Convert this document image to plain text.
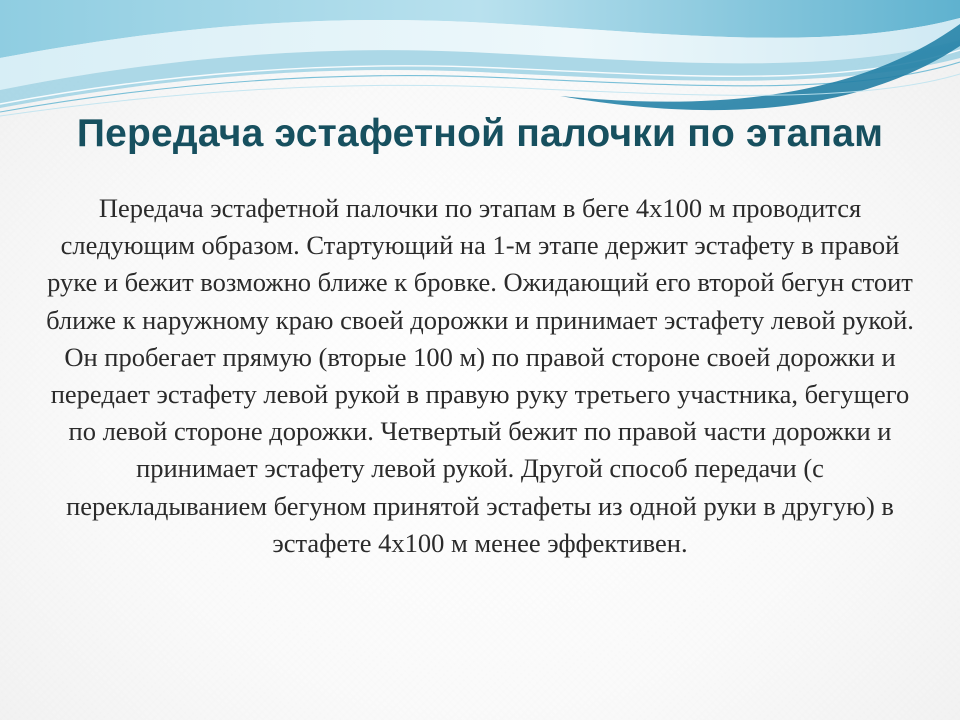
Передача эстафетной палочки по этапам

Передача эстафетной палочки по этапам в беге 4х100 м проводится следующим образом. Стартующий на 1-м этапе держит эстафету в правой руке и бежит возможно ближе к бровке. Ожидающий его второй бегун стоит ближе к наружному краю своей дорожки и принимает эстафету левой рукой. Он пробегает прямую (вторые 100 м) по правой стороне своей дорожки и передает эстафету левой рукой в правую руку третьего участника, бегущего по левой стороне дорожки. Четвертый бежит по правой части дорожки и принимает эстафету левой рукой. Другой способ передачи (с перекладыванием бегуном принятой эстафеты из одной руки в другую) в эстафете 4х100 м менее эффективен.
